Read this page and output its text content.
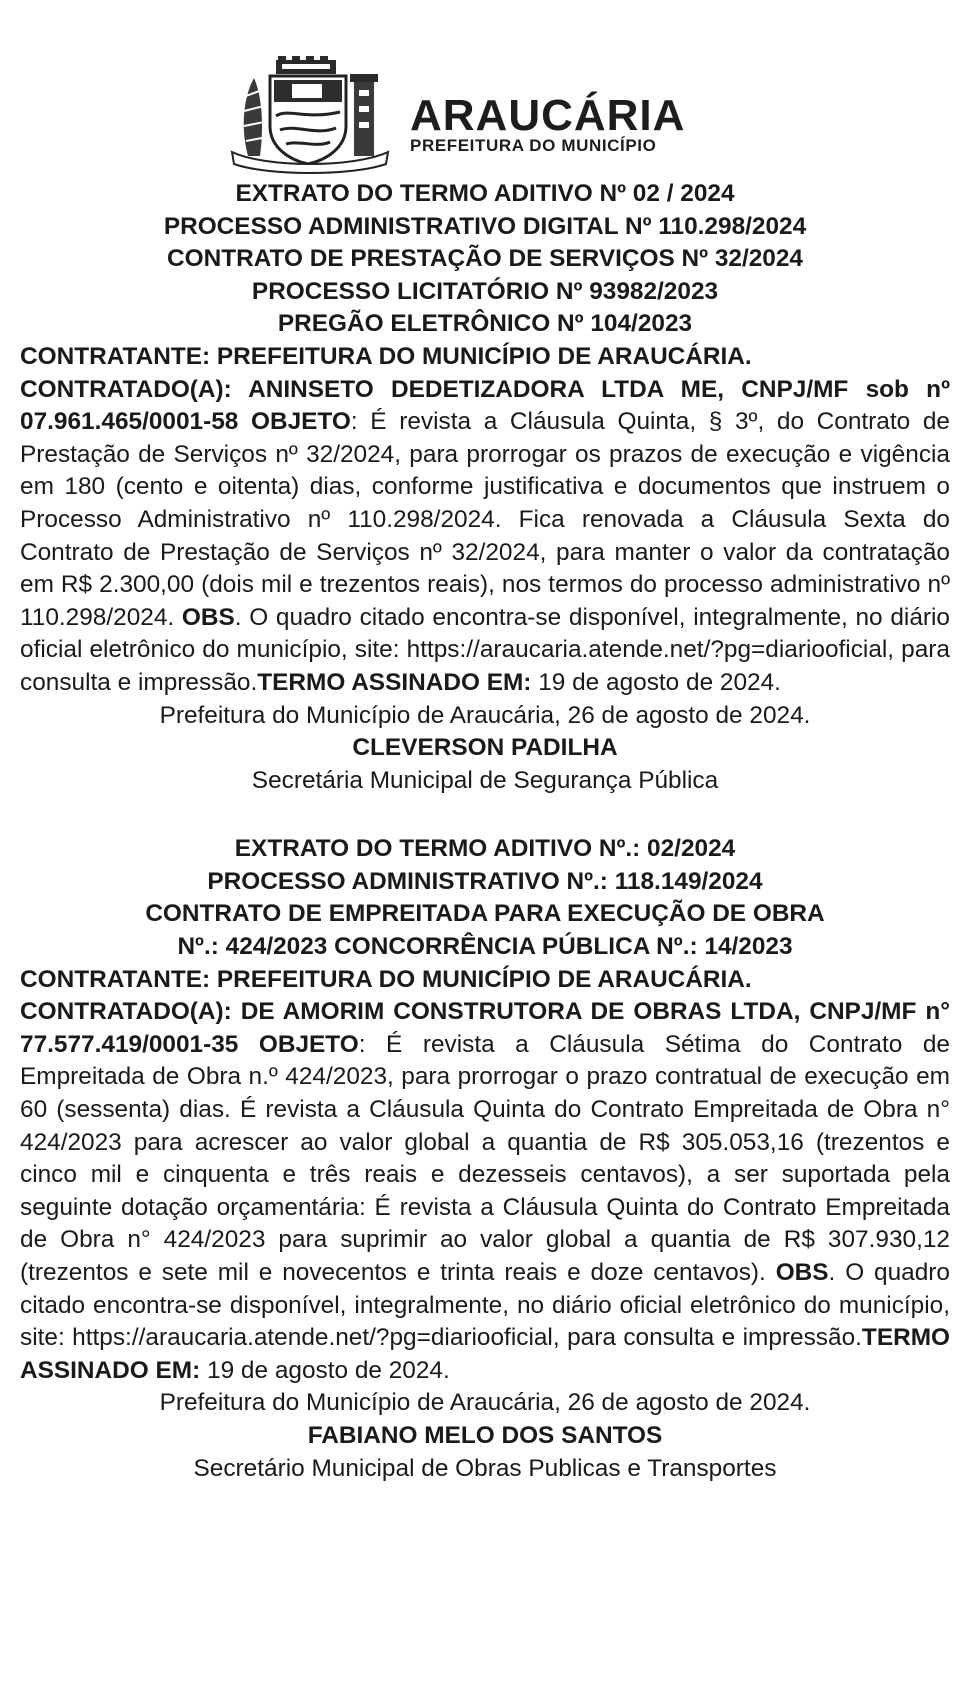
ARAUCÁRIA
PREFEITURA DO MUNICÍPIO

EXTRATO DO TERMO ADITIVO Nº 02 / 2024

PROCESSO ADMINISTRATIVO DIGITAL Nº 110.298/2024

CONTRATO DE PRESTAÇÃO DE SERVIÇOS Nº 32/2024

PROCESSO LICITATÓRIO Nº 93982/2023

PREGÃO ELETRÔNICO Nº 104/2023

CONTRATANTE: PREFEITURA DO MUNICÍPIO DE ARAUCÁRIA.

CONTRATADO(A): ANINSETO DEDETIZADORA LTDA ME, CNPJ/MF sob nº 07.961.465/0001-58 OBJETO: É revista a Cláusula Quinta, § 3º, do Contrato de Prestação de Serviços nº 32/2024, para prorrogar os prazos de execução e vigência em 180 (cento e oitenta) dias, conforme justificativa e documentos que instruem o Processo Administrativo nº 110.298/2024. Fica renovada a Cláusula Sexta do Contrato de Prestação de Serviços nº 32/2024, para manter o valor da contratação em R$ 2.300,00 (dois mil e trezentos reais), nos termos do processo administrativo nº 110.298/2024. OBS. O quadro citado encontra-se disponível, integralmente, no diário oficial eletrônico do município, site: https://araucaria.atende.net/?pg=diariooficial, para consulta e impressão.TERMO ASSINADO EM: 19 de agosto de 2024.

Prefeitura do Município de Araucária, 26 de agosto de 2024.

CLEVERSON PADILHA

Secretária Municipal de Segurança Pública

EXTRATO DO TERMO ADITIVO Nº.: 02/2024

PROCESSO ADMINISTRATIVO Nº.: 118.149/2024

CONTRATO DE EMPREITADA PARA EXECUÇÃO DE OBRA

Nº.: 424/2023 CONCORRÊNCIA PÚBLICA Nº.: 14/2023

CONTRATANTE: PREFEITURA DO MUNICÍPIO DE ARAUCÁRIA.

CONTRATADO(A): DE AMORIM CONSTRUTORA DE OBRAS LTDA, CNPJ/MF n° 77.577.419/0001-35 OBJETO: É revista a Cláusula Sétima do Contrato de Empreitada de Obra n.º 424/2023, para prorrogar o prazo contratual de execução em 60 (sessenta) dias. É revista a Cláusula Quinta do Contrato Empreitada de Obra n° 424/2023 para acrescer ao valor global a quantia de R$ 305.053,16 (trezentos e cinco mil e cinquenta e três reais e dezesseis centavos), a ser suportada pela seguinte dotação orçamentária: É revista a Cláusula Quinta do Contrato Empreitada de Obra n° 424/2023 para suprimir ao valor global a quantia de R$ 307.930,12 (trezentos e sete mil e novecentos e trinta reais e doze centavos). OBS. O quadro citado encontra-se disponível, integralmente, no diário oficial eletrônico do município, site: https://araucaria.atende.net/?pg=diariooficial, para consulta e impressão.TERMO ASSINADO EM: 19 de agosto de 2024.

Prefeitura do Município de Araucária, 26 de agosto de 2024.

FABIANO MELO DOS SANTOS

Secretário Municipal de Obras Publicas e Transportes
